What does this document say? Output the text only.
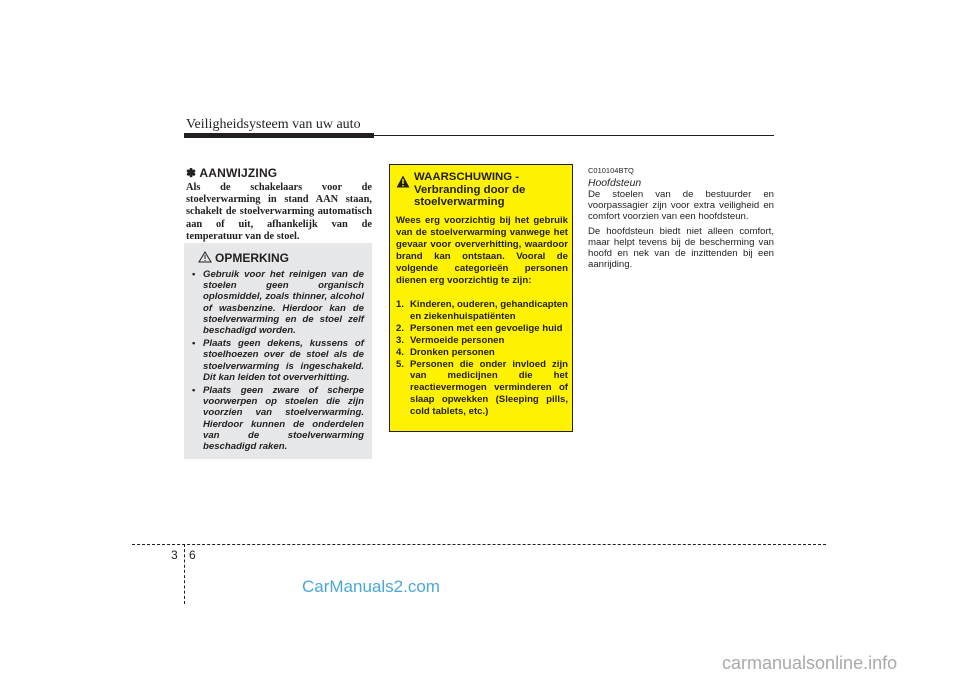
Veiligheidsysteem van uw auto

✽ AANWIJZING

Als de schakelaars voor de stoelverwarming in stand AAN staan, schakelt de stoelverwarming automatisch aan of uit, afhankelijk van de temperatuur van de stoel.

OPMERKING
• Gebruik voor het reinigen van de stoelen geen organisch oplosmiddel, zoals thinner, alcohol of wasbenzine. Hierdoor kan de stoelverwarming en de stoel zelf beschadigd worden.
• Plaats geen dekens, kussens of stoelhoezen over de stoel als de stoelverwarming is ingeschakeld. Dit kan leiden tot oververhitting.
• Plaats geen zware of scherpe voorwerpen op stoelen die zijn voorzien van stoelverwarming. Hierdoor kunnen de onderdelen van de stoelverwarming beschadigd raken.
WAARSCHUWING - Verbranding door de stoelverwarming
Wees erg voorzichtig bij het gebruik van de stoelverwarming vanwege het gevaar voor oververhitting, waardoor brand kan ontstaan. Vooral de volgende categorieën personen dienen erg voorzichtig te zijn:
1. Kinderen, ouderen, gehandicapten en ziekenhuispatiënten
2. Personen met een gevoelige huid
3. Vermoeide personen
4. Dronken personen
5. Personen die onder invloed zijn van medicijnen die het reactievermogen verminderen of slaap opwekken (Sleeping pills, cold tablets, etc.)

C010104BTQ

Hoofdsteun

De stoelen van de bestuurder en voorpassagier zijn voor extra veiligheid en comfort voorzien van een hoofdsteun.

De hoofdsteun biedt niet alleen comfort, maar helpt tevens bij de bescherming van hoofd en nek van de inzittenden bij een aanrijding.

3 6
CarManuals2.com
carmanualsonline.info
